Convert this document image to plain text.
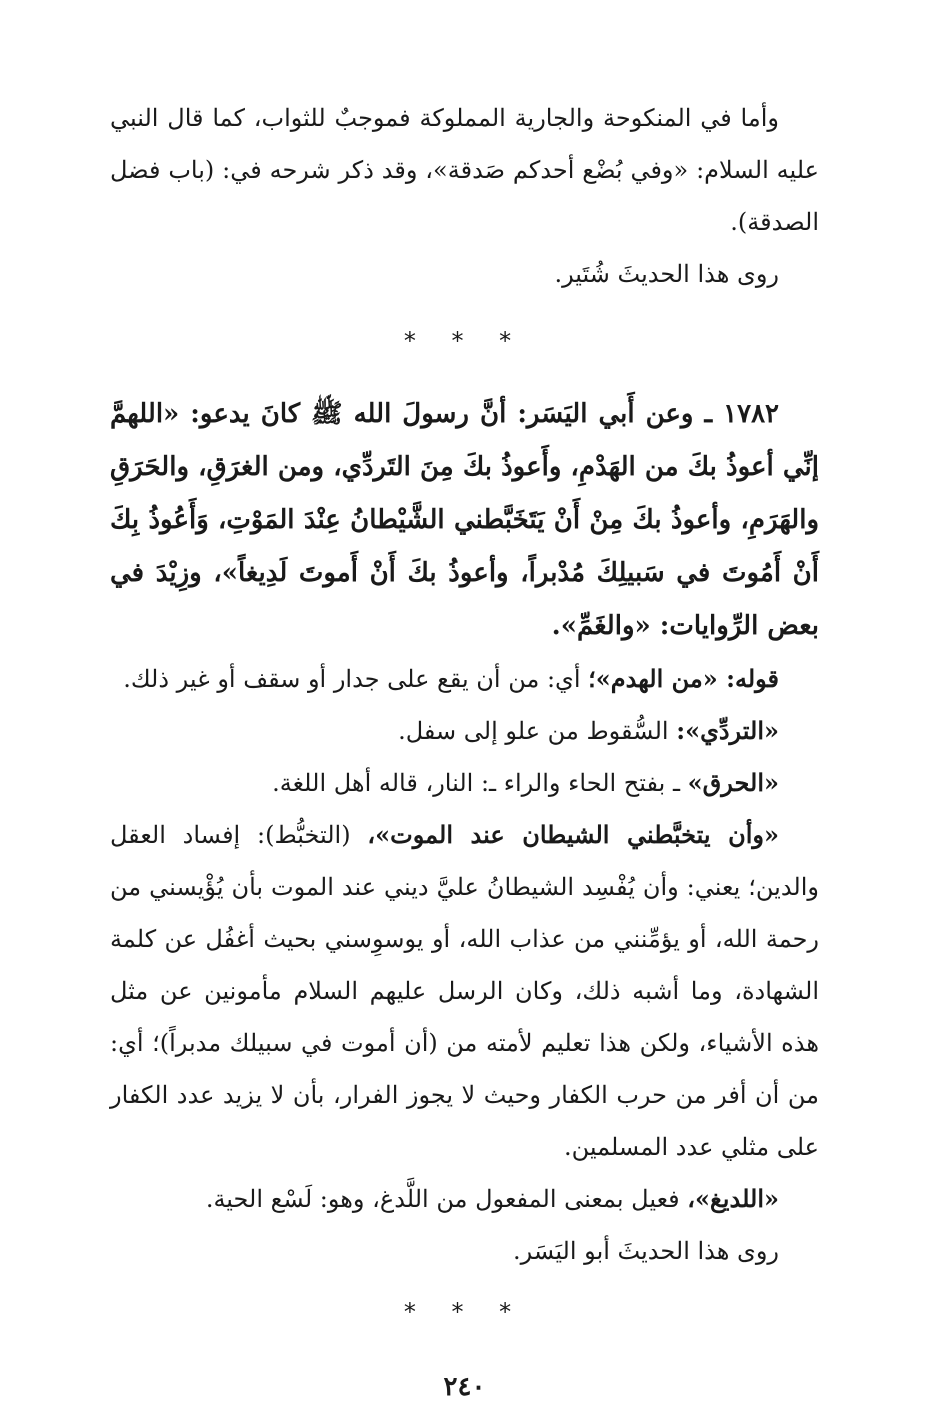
وأما في المنكوحة والجارية المملوكة فموجبٌ للثواب، كما قال النبي عليه السلام: «وفي بُضْع أحدكم صَدقة»، وقد ذكر شرحه في: (باب فضل الصدقة).

روى هذا الحديثَ شُتَير.

* * *

١٧٨٢ ـ وعن أَبي اليَسَر: أنَّ رسولَ الله ﷺ كانَ يدعو: «اللهمَّ إنِّي أعوذُ بكَ من الهَدْمِ، وأَعوذُ بكَ مِنَ التَردِّي، ومن الغرَقِ، والحَرَقِ والهَرَمِ، وأعوذُ بكَ مِنْ أَنْ يَتَخَبَّطني الشَّيْطانُ عِنْدَ المَوْتِ، وَأَعُوذُ بِكَ أَنْ أَمُوتَ في سَبيلِكَ مُدْبراً، وأعوذُ بكَ أَنْ أَموتَ لَدِيغاً»، وزِيْدَ في بعض الرِّوايات: «والغَمِّ».

قوله: «من الهدم»؛ أي: من أن يقع على جدار أو سقف أو غير ذلك.

«التردِّي»: السُّقوط من علو إلى سفل.

«الحرق» ـ بفتح الحاء والراء ـ: النار، قاله أهل اللغة.

«وأن يتخبَّطني الشيطان عند الموت»، (التخبُّط): إفساد العقل والدين؛ يعني: وأن يُفْسِد الشيطانُ عليَّ ديني عند الموت بأن يُؤْيسني من رحمة الله، أو يؤمِّنني من عذاب الله، أو يوسوِسني بحيث أغفُل عن كلمة الشهادة، وما أشبه ذلك، وكان الرسل عليهم السلام مأمونين عن مثل هذه الأشياء، ولكن هذا تعليم لأمته من (أن أموت في سبيلك مدبراً)؛ أي: من أن أفر من حرب الكفار وحيث لا يجوز الفرار، بأن لا يزيد عدد الكفار على مثلي عدد المسلمين.

«اللديغ»، فعيل بمعنى المفعول من اللَّدغ، وهو: لَسْع الحية.

روى هذا الحديثَ أبو اليَسَر.

* * *
٢٤٠
